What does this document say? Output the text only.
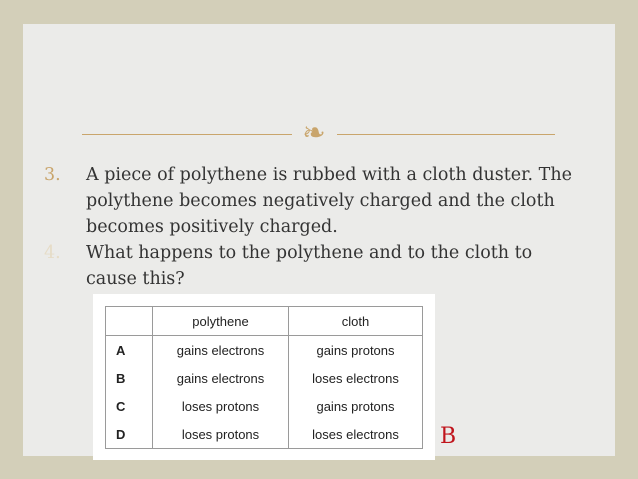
❧
3. A piece of polythene is rubbed with a cloth duster. The polythene becomes negatively charged and the cloth becomes positively charged.
4. What happens to the polythene and to the cloth to cause this?
	polythene	cloth
A	gains electrons	gains protons
B	gains electrons	loses electrons
C	loses protons	gains protons
D	loses protons	loses electrons B
